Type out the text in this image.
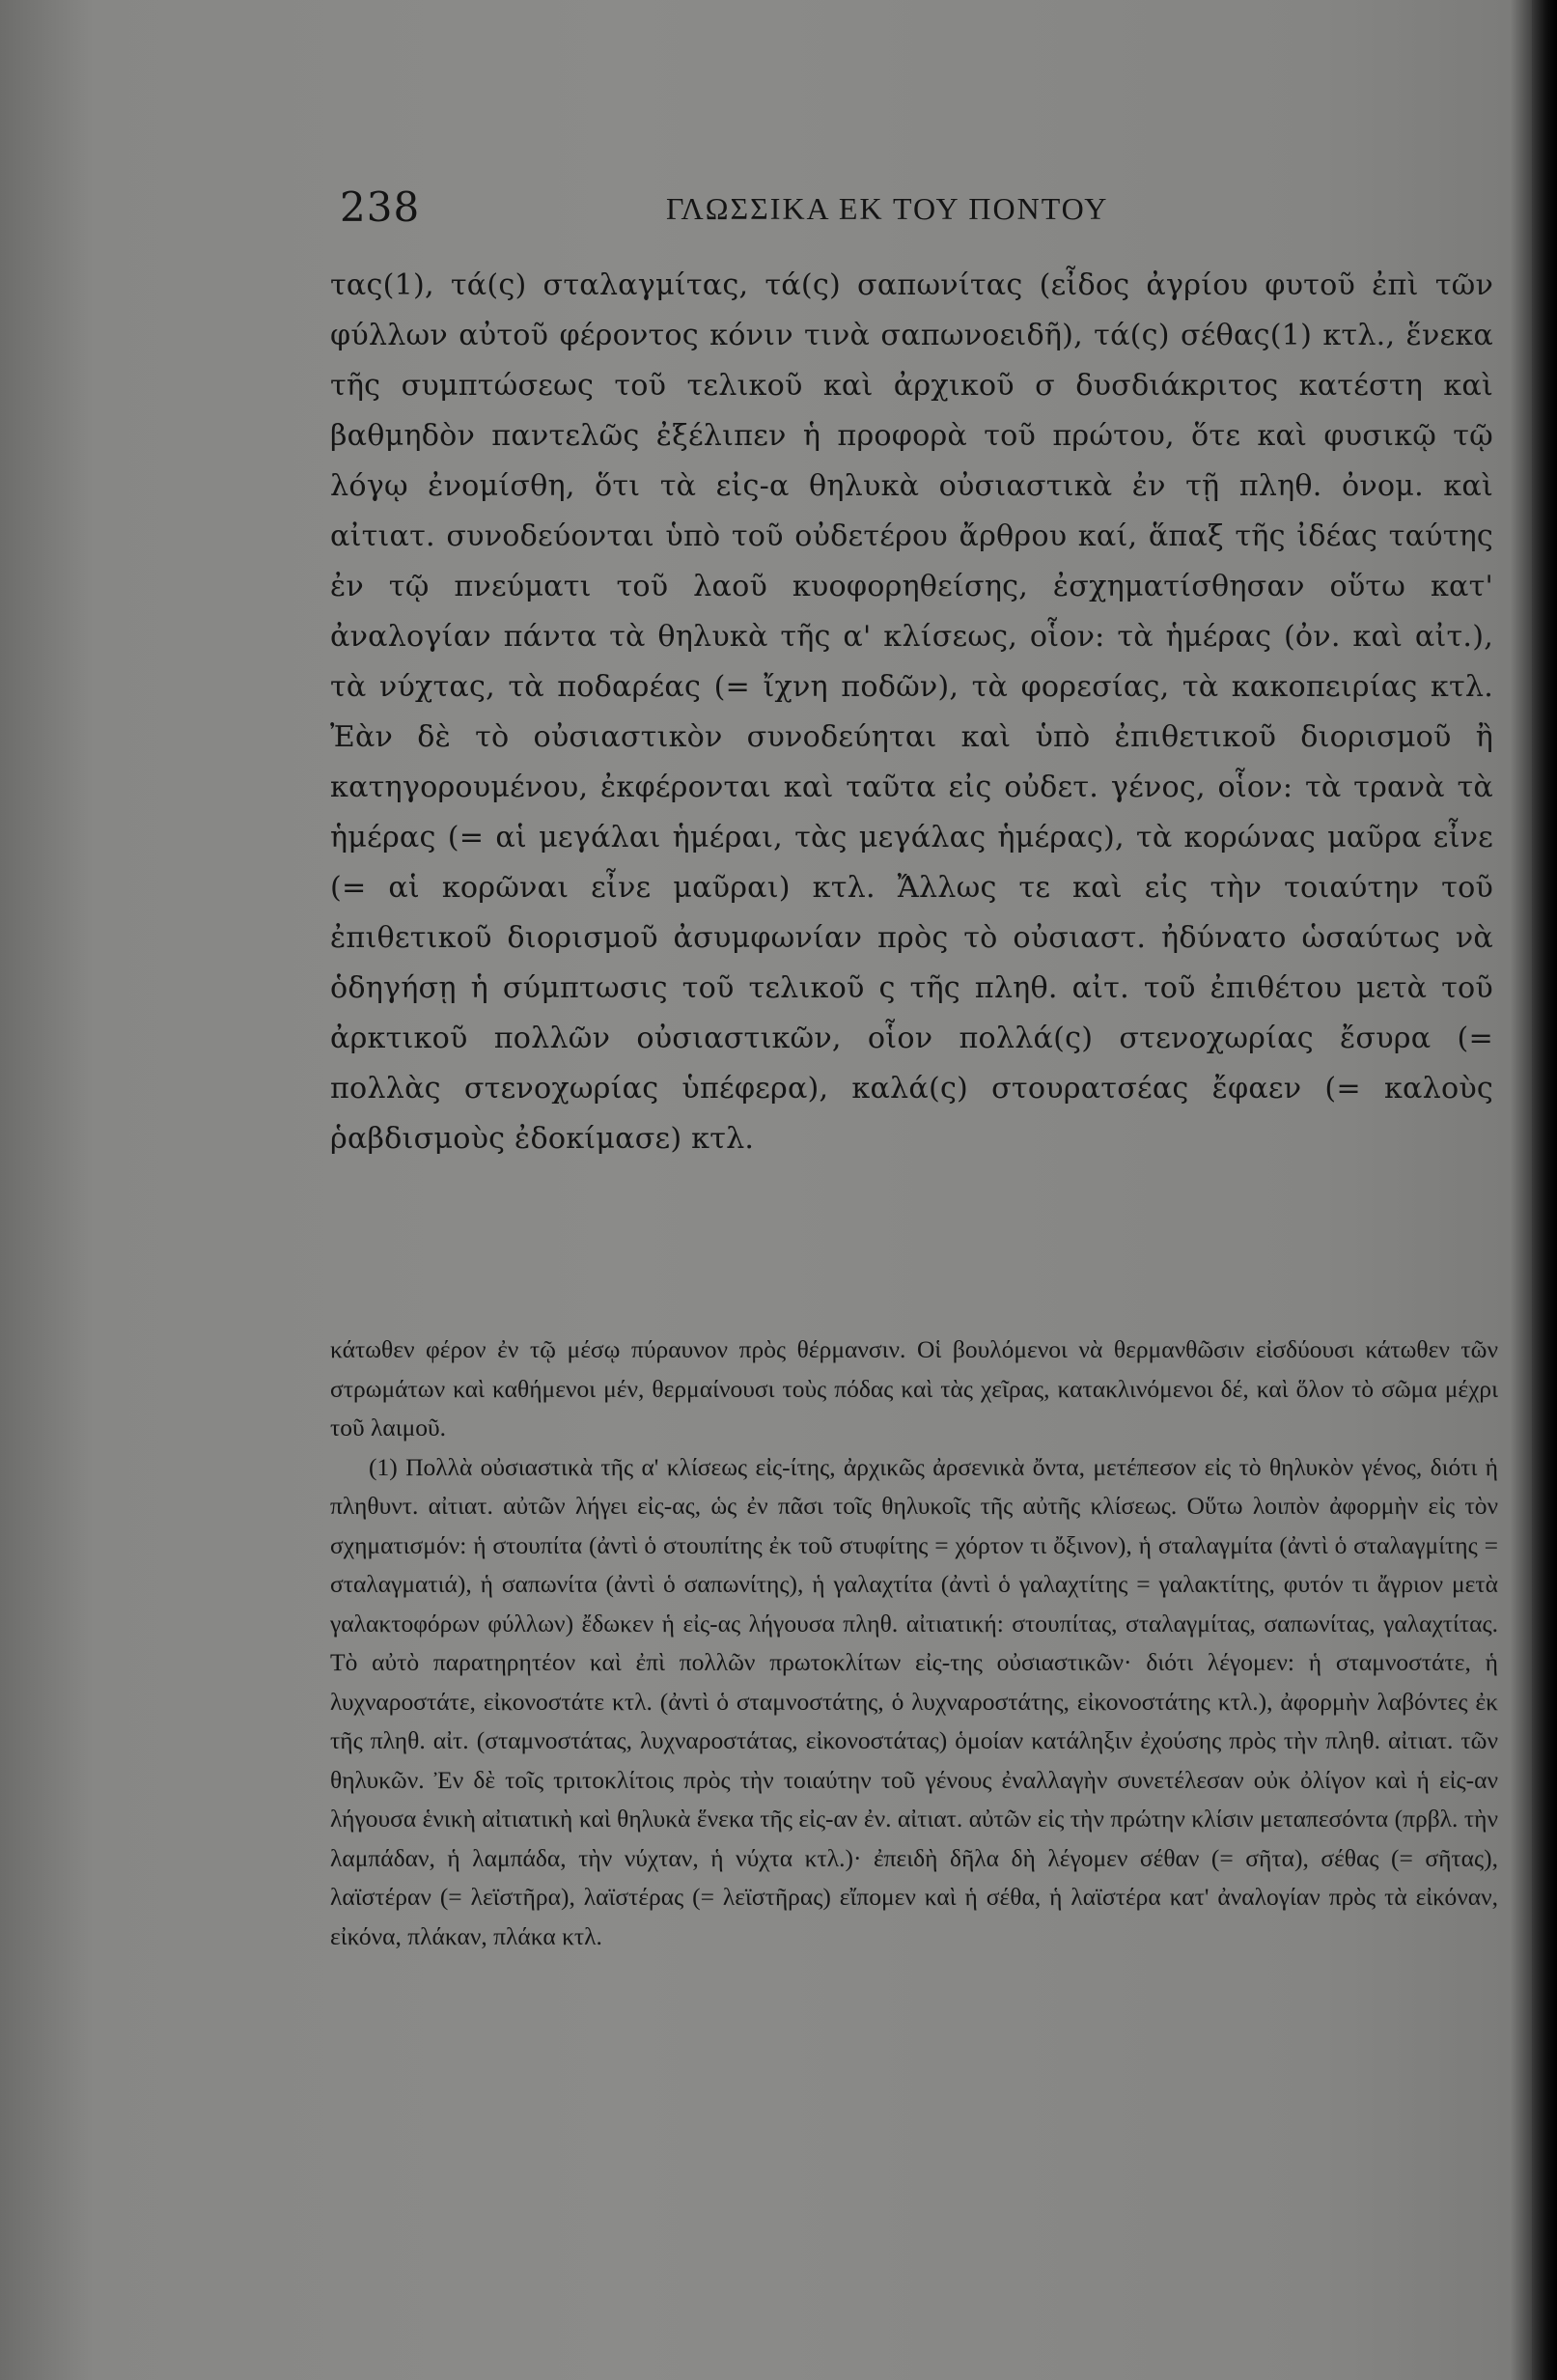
238	ΓΛΩΣΣΙΚΑ ΕΚ ΤΟΥ ΠΟΝΤΟΥ

τας(1), τά(ς) σταλαγμίτας, τά(ς) σαπωνίτας (εἶδος ἀγρίου φυτοῦ ἐπὶ τῶν φύλλων αὐτοῦ φέροντος κόνιν τινὰ σαπωνοειδῆ), τά(ς) σέθας(1) κτλ., ἕνεκα τῆς συμπτώσεως τοῦ τελικοῦ καὶ ἀρχικοῦ σ δυσδιάκριτος κατέστη καὶ βαθμηδὸν παντελῶς ἐξέλιπεν ἡ προφορὰ τοῦ πρώτου, ὅτε καὶ φυσικῷ τῷ λόγῳ ἐνομίσθη, ὅτι τὰ εἰς-α θηλυκὰ οὐσιαστικὰ ἐν τῇ πληθ. ὀνομ. καὶ αἰτιατ. συνοδεύονται ὑπὸ τοῦ οὐδετέρου ἄρθρου καί, ἅπαξ τῆς ἰδέας ταύτης ἐν τῷ πνεύματι τοῦ λαοῦ κυοφορηθείσης, ἐσχηματίσθησαν οὕτω κατ' ἀναλογίαν πάντα τὰ θηλυκὰ τῆς α' κλίσεως, οἷον: τὰ ἡμέρας (ὀν. καὶ αἰτ.), τὰ νύχτας, τὰ ποδαρέας (= ἴχνη ποδῶν), τὰ φορεσίας, τὰ κακοπειρίας κτλ. Ἐὰν δὲ τὸ οὐσιαστικὸν συνοδεύηται καὶ ὑπὸ ἐπιθετικοῦ διορισμοῦ ἢ κατηγορουμένου, ἐκφέρονται καὶ ταῦτα εἰς οὐδετ. γένος, οἷον: τὰ τρανὰ τὰ ἡμέρας (= αἱ μεγάλαι ἡμέραι, τὰς μεγάλας ἡμέρας), τὰ κορώνας μαῦρα εἶνε (= αἱ κορῶναι εἶνε μαῦραι) κτλ. Ἄλλως τε καὶ εἰς τὴν τοιαύτην τοῦ ἐπιθετικοῦ διορισμοῦ ἀσυμφωνίαν πρὸς τὸ οὐσιαστ. ἠδύνατο ὡσαύτως νὰ ὁδηγήσῃ ἡ σύμπτωσις τοῦ τελικοῦ ς τῆς πληθ. αἰτ. τοῦ ἐπιθέτου μετὰ τοῦ ἀρκτικοῦ πολλῶν οὐσιαστικῶν, οἷον πολλά(ς) στενοχωρίας ἔσυρα (= πολλὰς στενοχωρίας ὑπέφερα), καλά(ς) στουρατσέας ἔφαεν (= καλοὺς ῥαβδισμοὺς ἐδοκίμασε) κτλ.

κάτωθεν φέρον ἐν τῷ μέσῳ πύραυνον πρὸς θέρμανσιν. Οἱ βουλόμενοι νὰ θερμανθῶσιν εἰσδύουσι κάτωθεν τῶν στρωμάτων καὶ καθήμενοι μέν, θερμαίνουσι τοὺς πόδας καὶ τὰς χεῖρας, κατακλινόμενοι δέ, καὶ ὅλον τὸ σῶμα μέχρι τοῦ λαιμοῦ.

(1) Πολλὰ οὐσιαστικὰ τῆς α' κλίσεως εἰς-ίτης, ἀρχικῶς ἀρσενικὰ ὄντα, μετέπεσον εἰς τὸ θηλυκὸν γένος, διότι ἡ πληθυντ. αἰτιατ. αὐτῶν λήγει εἰς-ας, ὡς ἐν πᾶσι τοῖς θηλυκοῖς τῆς αὐτῆς κλίσεως. Οὕτω λοιπὸν ἀφορμὴν εἰς τὸν σχηματισμόν: ἡ στουπίτα (ἀντὶ ὁ στουπίτης ἐκ τοῦ στυφίτης = χόρτον τι ὄξινον), ἡ σταλαγμίτα (ἀντὶ ὁ σταλαγμίτης = σταλαγματιά), ἡ σαπωνίτα (ἀντὶ ὁ σαπωνίτης), ἡ γαλαχτίτα (ἀντὶ ὁ γαλαχτίτης = γαλακτίτης, φυτόν τι ἄγριον μετὰ γαλακτοφόρων φύλλων) ἔδωκεν ἡ εἰς-ας λήγουσα πληθ. αἰτιατική: στουπίτας, σταλαγμίτας, σαπωνίτας, γαλαχτίτας. Τὸ αὐτὸ παρατηρητέον καὶ ἐπὶ πολλῶν πρωτοκλίτων εἰς-της οὐσιαστικῶν· διότι λέγομεν: ἡ σταμνοστάτε, ἡ λυχναροστάτε, εἰκονοστάτε κτλ. (ἀντὶ ὁ σταμνοστάτης, ὁ λυχναροστάτης, εἰκονοστάτης κτλ.), ἀφορμὴν λαβόντες ἐκ τῆς πληθ. αἰτ. (σταμνοστάτας, λυχναροστάτας, εἰκονοστάτας) ὁμοίαν κατάληξιν ἐχούσης πρὸς τὴν πληθ. αἰτιατ. τῶν θηλυκῶν. Ἐν δὲ τοῖς τριτοκλίτοις πρὸς τὴν τοιαύτην τοῦ γένους ἐναλλαγὴν συνετέλεσαν οὐκ ὀλίγον καὶ ἡ εἰς-αν λήγουσα ἑνικὴ αἰτιατικὴ καὶ θηλυκὰ ἕνεκα τῆς εἰς-αν ἐν. αἰτιατ. αὐτῶν εἰς τὴν πρώτην κλίσιν μεταπεσόντα (πρβλ. τὴν λαμπάδαν, ἡ λαμπάδα, τὴν νύχταν, ἡ νύχτα κτλ.)· ἐπειδὴ δῆλα δὴ λέγομεν σέθαν (= σῆτα), σέθας (= σῆτας), λαϊστέραν (= λεϊστῆρα), λαϊστέρας (= λεϊστῆρας) εἴπομεν καὶ ἡ σέθα, ἡ λαϊστέρα κατ' ἀναλογίαν πρὸς τὰ εἰκόναν, εἰκόνα, πλάκαν, πλάκα κτλ.
